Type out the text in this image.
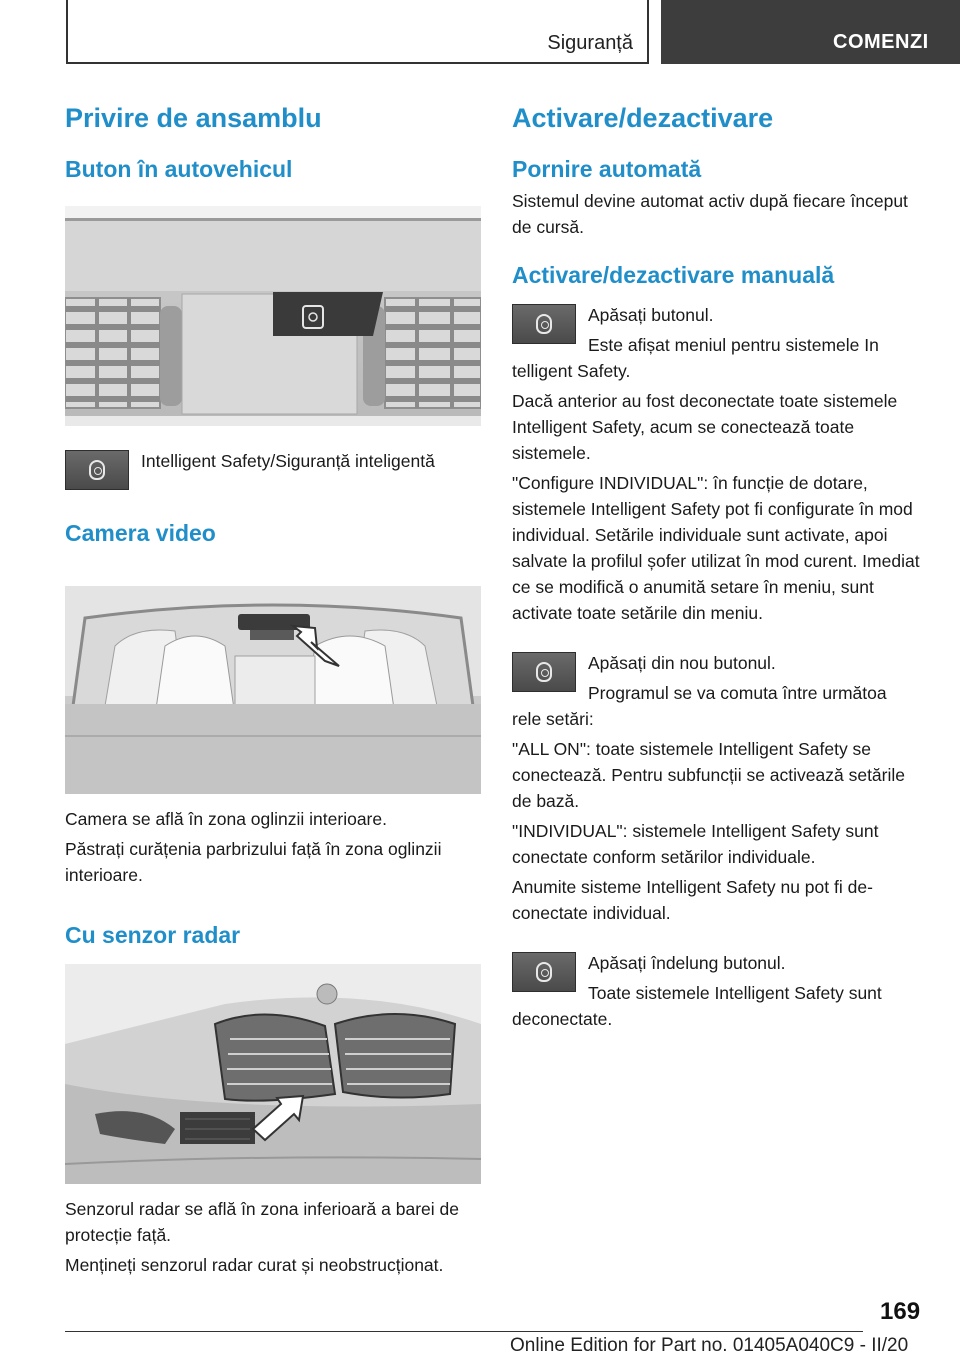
Siguranță	COMENZI
Privire de ansamblu
Buton în autovehicul

Intelligent Safety/Siguranță inteligentă

Camera video

Camera se află în zona oglinzii interioare.

Păstrați curățenia parbrizului față în zona oglinzii interioare.

Cu senzor radar

Senzorul radar se află în zona inferioară a barei de protecție față.

Mențineți senzorul radar curat și neobstrucționat.

Activare/dezactivare
Pornire automată

Sistemul devine automat activ după fiecare început de cursă.

Activare/dezactivare manuală

Apăsați butonul.

Este afișat meniul pentru sistemele In

telligent Safety.

Dacă anterior au fost deconectate toate sistemele Intelligent Safety, acum se conectează toate sistemele.

"Configure INDIVIDUAL": în funcție de dotare, sistemele Intelligent Safety pot fi configurate în mod individual. Setările individuale sunt activate, apoi salvate la profilul șofer utilizat în mod curent. Imediat ce se modifică o anumită setare în meniu, sunt activate toate setările din meniu.

Apăsați din nou butonul.

Programul se va comuta între următoa

rele setări:

"ALL ON": toate sistemele Intelligent Safety se conectează. Pentru subfuncții se activează setările de bază.

"INDIVIDUAL": sistemele Intelligent Safety sunt conectate conform setărilor individuale.

Anumite sisteme Intelligent Safety nu pot fi deconectate individual.

Apăsați îndelung butonul.

Toate sistemele Intelligent Safety sunt

deconectate.

169
Online Edition for Part no. 01405A040C9 - II/20
